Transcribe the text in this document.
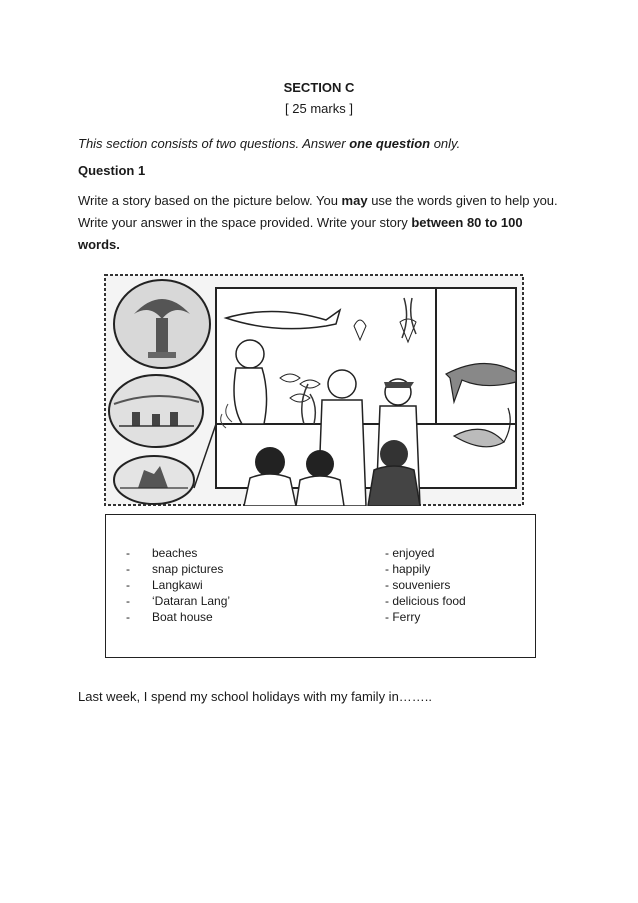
SECTION C
[ 25 marks ]
This section consists of two questions. Answer one question only.
Question 1
Write a story based on the picture below. You may use the words given to help you. Write your answer in the space provided. Write your story between 80 to 100 words.
- beaches
- snap pictures
- Langkawi
- ‘Dataran Lang’
- Boat house
- enjoyed
- happily
- souveniers
- delicious food
- Ferry
Last week, I spend my school holidays with my family in……..
